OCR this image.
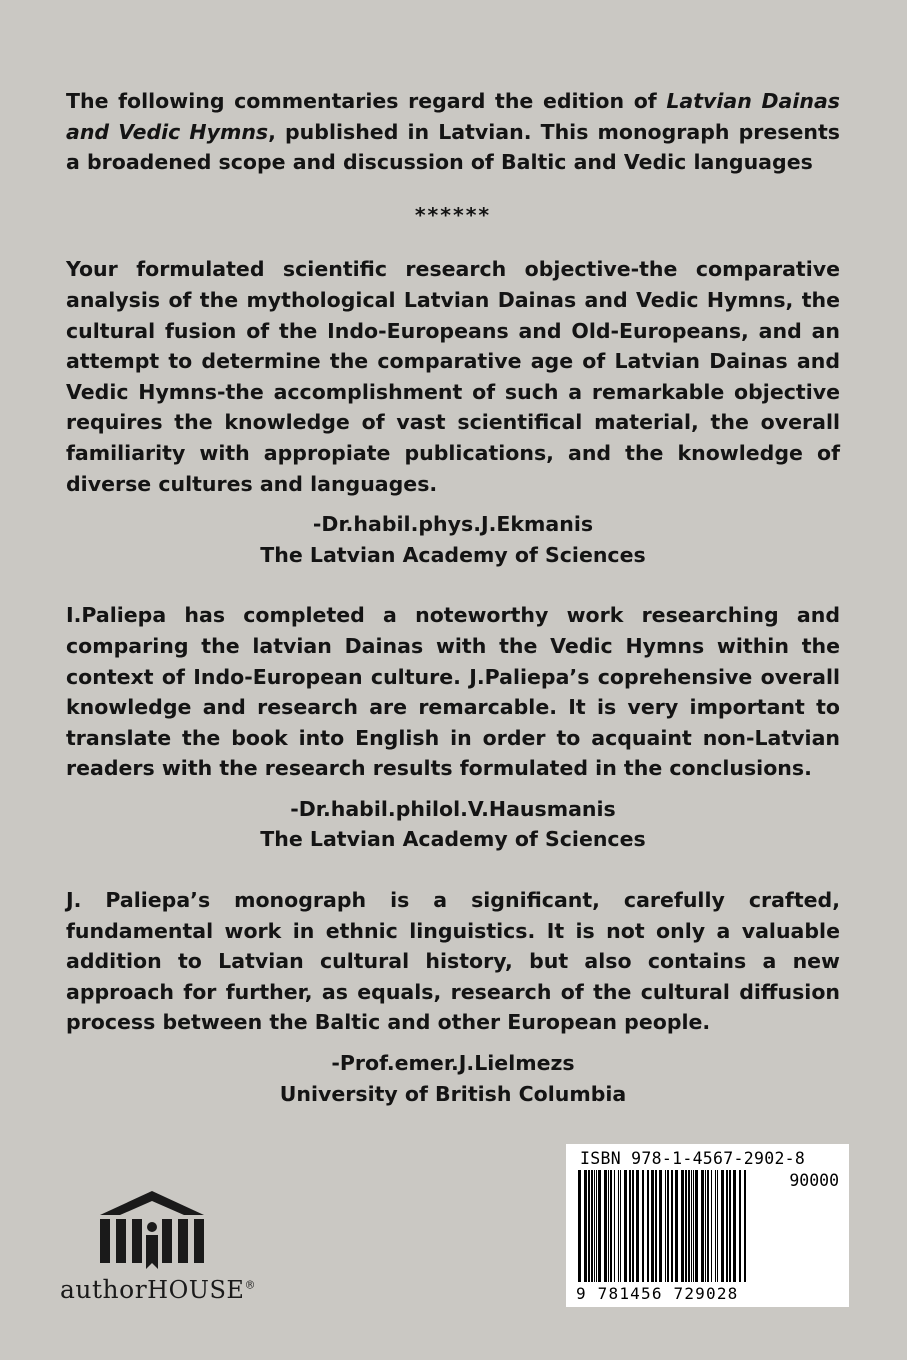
The following commentaries regard the edition of Latvian Dainas and Vedic Hymns, published in Latvian. This monograph presents a broadened scope and discussion of Baltic and Vedic languages

******

Your formulated scientific research objective-the comparative analysis of the mythological Latvian Dainas and Vedic Hymns, the cultural fusion of the Indo-Europeans and Old-Europeans, and an attempt to determine the comparative age of Latvian Dainas and Vedic Hymns-the accomplishment of such a remarkable objective requires the knowledge of vast scientifical material, the overall familiarity with appropiate publications, and the knowledge of diverse cultures and languages.

-Dr.habil.phys.J.Ekmanis
The Latvian Academy of Sciences

I.Paliepa has completed a noteworthy work researching and comparing the latvian Dainas with the Vedic Hymns within the context of Indo-European culture. J.Paliepa’s coprehensive overall knowledge and research are remarcable. It is very important to translate the book into English in order to acquaint non-Latvian readers with the research results formulated in the conclusions.

-Dr.habil.philol.V.Hausmanis
The Latvian Academy of Sciences

J. Paliepa’s monograph is a significant, carefully crafted, fundamental work in ethnic linguistics. It is not only a valuable addition to Latvian cultural history, but also contains a new approach for further, as equals, research of the cultural diffusion process between the Baltic and other European people.

-Prof.emer.J.Lielmezs
University of British Columbia
authorHOUSE®
ISBN 978-1-4567-2902-8
90000
9 781456 729028
